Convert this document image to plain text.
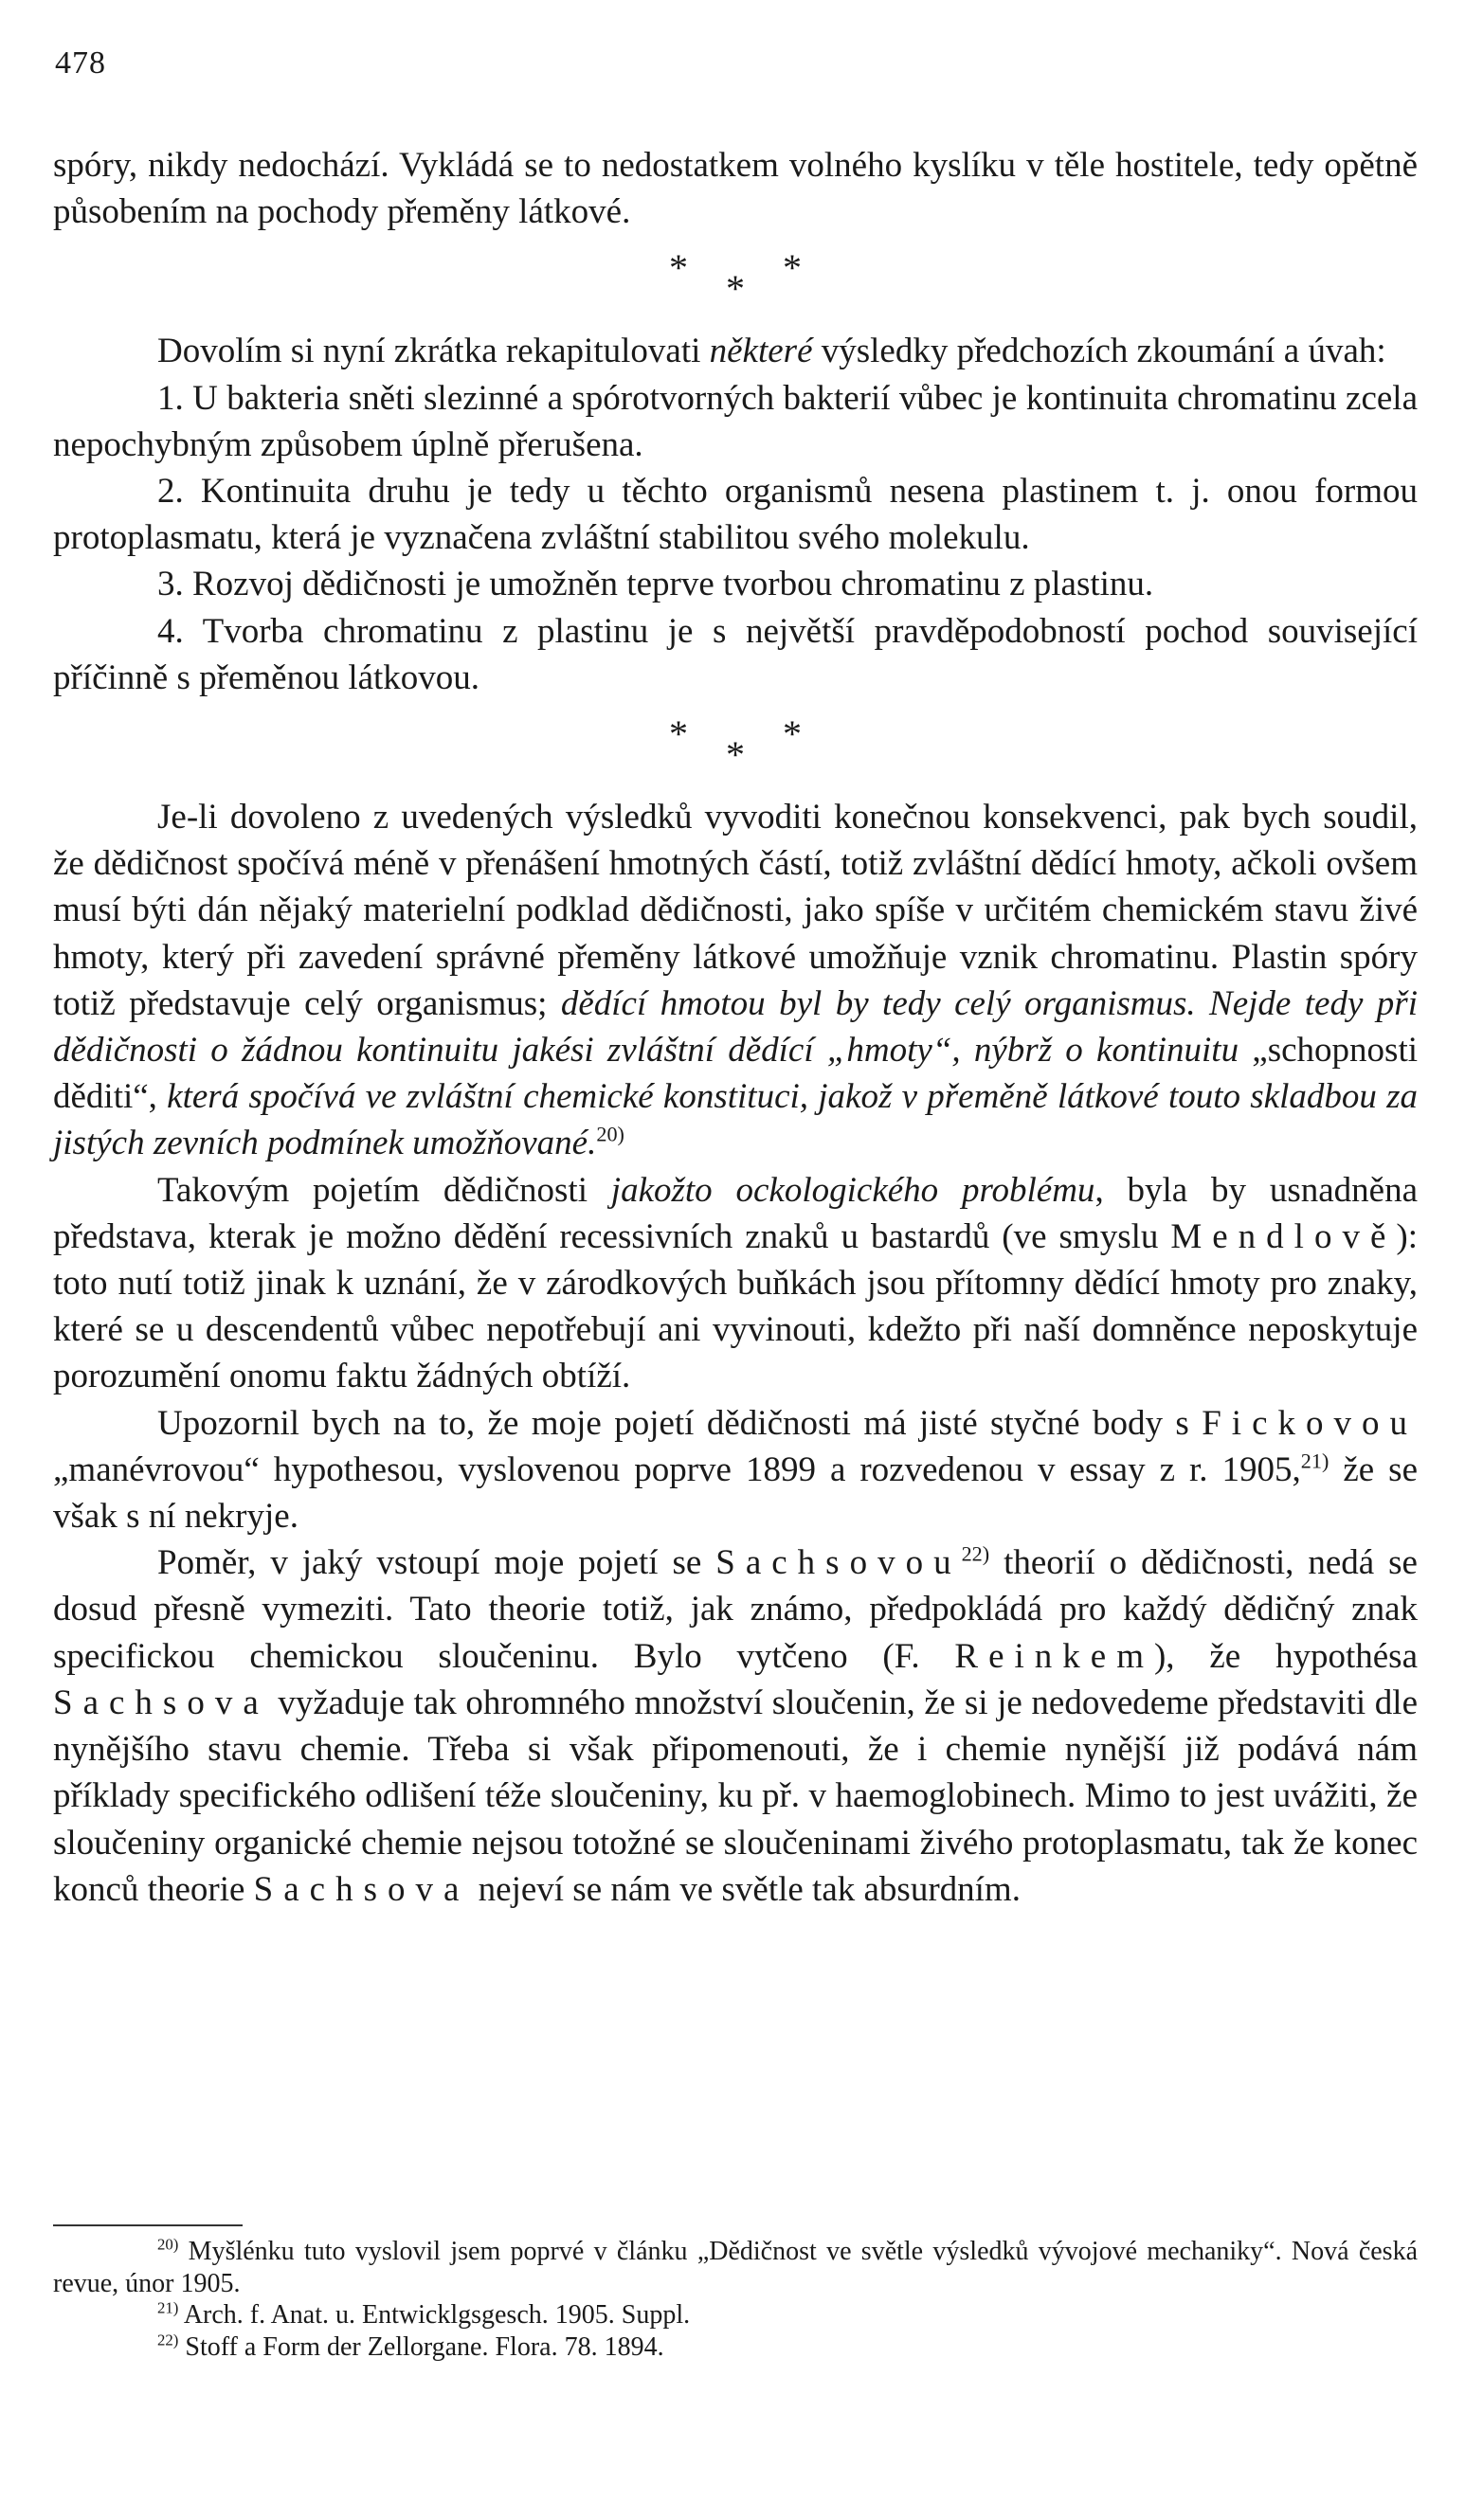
478

spóry, nikdy nedochází. Vykládá se to nedostatkem volného kyslíku v těle hostitele, tedy opětně působením na pochody přeměny látkové.

* * *

Dovolím si nyní zkrátka rekapitulovati některé výsledky předchozích zkoumání a úvah:

1. U bakteria sněti slezinné a spórotvorných bakterií vůbec je kontinuita chromatinu zcela nepochybným způsobem úplně přerušena.

2. Kontinuita druhu je tedy u těchto organismů nesena plastinem t. j. onou formou protoplasmatu, která je vyznačena zvláštní stabilitou svého molekulu.

3. Rozvoj dědičnosti je umožněn teprve tvorbou chromatinu z plastinu.

4. Tvorba chromatinu z plastinu je s největší pravděpodobností pochod související příčinně s přeměnou látkovou.

* * *

Je-li dovoleno z uvedených výsledků vyvoditi konečnou konsekvenci, pak bych soudil, že dědičnost spočívá méně v přenášení hmotných částí, totiž zvláštní dědící hmoty, ačkoli ovšem musí býti dán nějaký materielní podklad dědičnosti, jako spíše v určitém chemickém stavu živé hmoty, který při zavedení správné přeměny látkové umožňuje vznik chromatinu. Plastin spóry totiž představuje celý organismus; dědící hmotou byl by tedy celý organismus. Nejde tedy při dědičnosti o žádnou kontinuitu jakési zvláštní dědící „hmoty“, nýbrž o kontinuitu „schopnosti děditi“, která spočívá ve zvláštní chemické konstituci, jakož v přeměně látkové touto skladbou za jistých zevních podmínek umožňované.$^{20)}$

Takovým pojetím dědičnosti jakožto ockologického problému, byla by usnadněna představa, kterak je možno dědění recessivních znaků u bastardů (ve smyslu Mendlově): toto nutí totiž jinak k uznání, že v zárodkových buňkách jsou přítomny dědící hmoty pro znaky, které se u descendentů vůbec nepotřebují ani vyvinouti, kdežto při naší domněnce neposkytuje porozumění onomu faktu žádných obtíží.

Upozornil bych na to, že moje pojetí dědičnosti má jisté styčné body s Fickovou „manévrovou“ hypothesou, vyslovenou poprve 1899 a rozvedenou v essay z r. 1905,$^{21)}$ že se však s ní nekryje.

Poměr, v jaký vstoupí moje pojetí se Sachsovou$^{22)}$ theorií o dědičnosti, nedá se dosud přesně vymeziti. Tato theorie totiž, jak známo, předpokládá pro každý dědičný znak specifickou chemickou sloučeninu. Bylo vytčeno (F. Reinkem), že hypothésa Sachsova vyžaduje tak ohromného množství sloučenin, že si je nedovedeme představiti dle nynějšího stavu chemie. Třeba si však připomenouti, že i chemie nynější již podává nám příklady specifického odlišení téže sloučeniny, ku př. v haemoglobinech. Mimo to jest uvážiti, že sloučeniny organické chemie nejsou totožné se sloučeninami živého protoplasmatu, tak že konec konců theorie Sachsova nejeví se nám ve světle tak absurdním.

$^{20)}$ Myšlénku tuto vyslovil jsem poprvé v článku „Dědičnost ve světle výsledků vývojové mechaniky“. Nová česká revue, únor 1905.

$^{21)}$ Arch. f. Anat. u. Entwicklgsgesch. 1905. Suppl.

$^{22)}$ Stoff a Form der Zellorgane. Flora. 78. 1894.
